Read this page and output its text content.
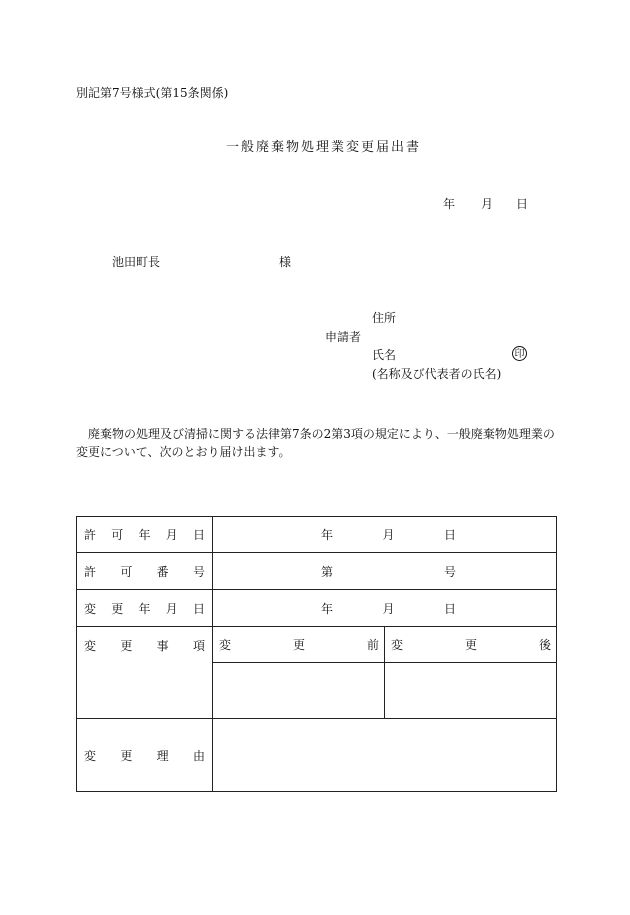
別記第7号様式(第15条関係)
一般廃棄物処理業変更届出書
年 月 日
池田町長	様
住所
申請者
氏名	印
(名称及び代表者の氏名)
廃棄物の処理及び清掃に関する法律第7条の2第3項の規定により、一般廃棄物処理業の変更について、次のとおり届け出ます。
許 可 年 月 日	年 月 日	

許 可 番 号	第 号	

変 更 年 月 日	年 月 日	

変 更 事 項	変 更 前	変 更 後

変 更 理 由		
